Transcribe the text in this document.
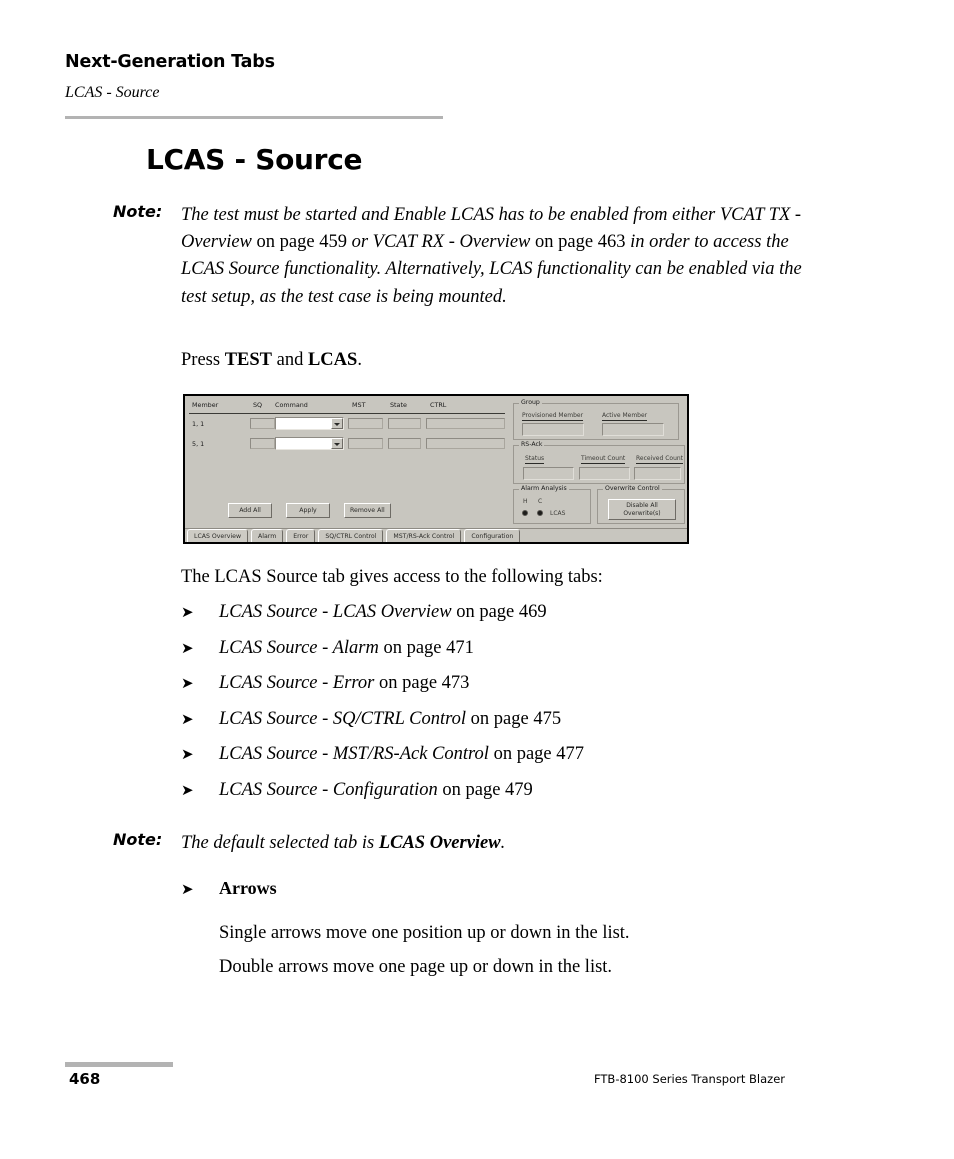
Next-Generation Tabs
LCAS - Source
LCAS - Source
Note:	The test must be started and Enable LCAS has to be enabled from either VCAT TX - Overview on page 459 or VCAT RX - Overview on page 463 in order to access the LCAS Source functionality. Alternatively, LCAS functionality can be enabled via the test setup, as the test case is being mounted.
Press TEST and LCAS.
Member	SQ Command	MST	State	CTRL
1, 1
5, 1
Add All	Apply	Remove All
Group
Provisioned Member	Active Member
RS-Ack
Status	Timeout Count Received Count
Alarm Analysis
H C
LCAS
Overwrite Control
Disable All
Overwrite(s)
LCAS Overview	Alarm	Error	SQ/CTRL Control	MST/RS-Ack Control	Configuration
The LCAS Source tab gives access to the following tabs:
➤	LCAS Source - LCAS Overview on page 469
➤	LCAS Source - Alarm on page 471
➤	LCAS Source - Error on page 473
➤	LCAS Source - SQ/CTRL Control on page 475
➤	LCAS Source - MST/RS-Ack Control on page 477
➤	LCAS Source - Configuration on page 479
Note:	The default selected tab is LCAS Overview.
➤	Arrows

Single arrows move one position up or down in the list.

Double arrows move one page up or down in the list.

468	FTB-8100 Series Transport Blazer
